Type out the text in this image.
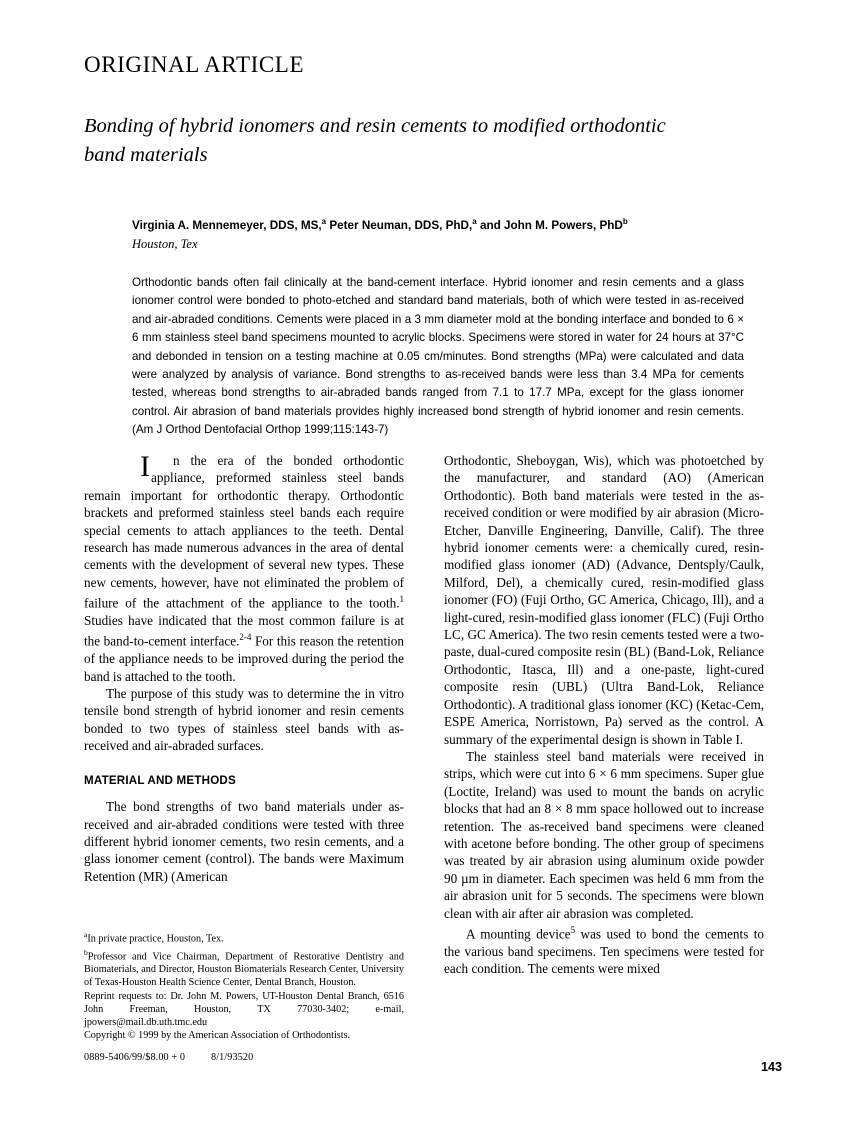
ORIGINAL ARTICLE
Bonding of hybrid ionomers and resin cements to modified orthodontic band materials
Virginia A. Mennemeyer, DDS, MS,$^a$ Peter Neuman, DDS, PhD,$^a$ and John M. Powers, PhD$^b$
Houston, Tex
Orthodontic bands often fail clinically at the band-cement interface. Hybrid ionomer and resin cements and a glass ionomer control were bonded to photo-etched and standard band materials, both of which were tested in as-received and air-abraded conditions. Cements were placed in a 3 mm diameter mold at the bonding interface and bonded to 6 × 6 mm stainless steel band specimens mounted to acrylic blocks. Specimens were stored in water for 24 hours at 37°C and debonded in tension on a testing machine at 0.05 cm/minutes. Bond strengths (MPa) were calculated and data were analyzed by analysis of variance. Bond strengths to as-received bands were less than 3.4 MPa for cements tested, whereas bond strengths to air-abraded bands ranged from 7.1 to 17.7 MPa, except for the glass ionomer control. Air abrasion of band materials provides highly increased bond strength of hybrid ionomer and resin cements. (Am J Orthod Dentofacial Orthop 1999;115:143-7)

I n the era of the bonded orthodontic appliance, preformed stainless steel bands remain important for orthodontic therapy. Orthodontic brackets and preformed stainless steel bands each require special cements to attach appliances to the teeth. Dental research has made numerous advances in the area of dental cements with the development of several new types. These new cements, however, have not eliminated the problem of failure of the attachment of the appliance to the tooth.$^1$ Studies have indicated that the most common failure is at the band-to-cement interface.$^{2-4}$ For this reason the retention of the appliance needs to be improved during the period the band is attached to the tooth.

The purpose of this study was to determine the in vitro tensile bond strength of hybrid ionomer and resin cements bonded to two types of stainless steel bands with as-received and air-abraded surfaces.

MATERIAL AND METHODS

The bond strengths of two band materials under as-received and air-abraded conditions were tested with three different hybrid ionomer cements, two resin cements, and a glass ionomer cement (control). The bands were Maximum Retention (MR) (American

Orthodontic, Sheboygan, Wis), which was photoetched by the manufacturer, and standard (AO) (American Orthodontic). Both band materials were tested in the as-received condition or were modified by air abrasion (Micro-Etcher, Danville Engineering, Danville, Calif). The three hybrid ionomer cements were: a chemically cured, resin-modified glass ionomer (AD) (Advance, Dentsply/Caulk, Milford, Del), a chemically cured, resin-modified glass ionomer (FO) (Fuji Ortho, GC America, Chicago, Ill), and a light-cured, resin-modified glass ionomer (FLC) (Fuji Ortho LC, GC America). The two resin cements tested were a two-paste, dual-cured composite resin (BL) (Band-Lok, Reliance Orthodontic, Itasca, Ill) and a one-paste, light-cured composite resin (UBL) (Ultra Band-Lok, Reliance Orthodontic). A traditional glass ionomer (KC) (Ketac-Cem, ESPE America, Norristown, Pa) served as the control. A summary of the experimental design is shown in Table I.

The stainless steel band materials were received in strips, which were cut into 6 × 6 mm specimens. Super glue (Loctite, Ireland) was used to mount the bands on acrylic blocks that had an 8 × 8 mm space hollowed out to increase retention. The as-received band specimens were cleaned with acetone before bonding. The other group of specimens was treated by air abrasion using aluminum oxide powder 90 µm in diameter. Each specimen was held 6 mm from the air abrasion unit for 5 seconds. The specimens were blown clean with air after air abrasion was completed.

A mounting device$^5$ was used to bond the cements to the various band specimens. Ten specimens were tested for each condition. The cements were mixed

$^a$In private practice, Houston, Tex.

$^b$Professor and Vice Chairman, Department of Restorative Dentistry and Biomaterials, and Director, Houston Biomaterials Research Center, University of Texas-Houston Health Science Center, Dental Branch, Houston.

Reprint requests to: Dr. John M. Powers, UT-Houston Dental Branch, 6516 John Freeman, Houston, TX 77030-3402; e-mail, jpowers@mail.db.uth.tmc.edu

Copyright © 1999 by the American Association of Orthodontists.

0889-5406/99/$8.00 + 0	8/1/93520

143
